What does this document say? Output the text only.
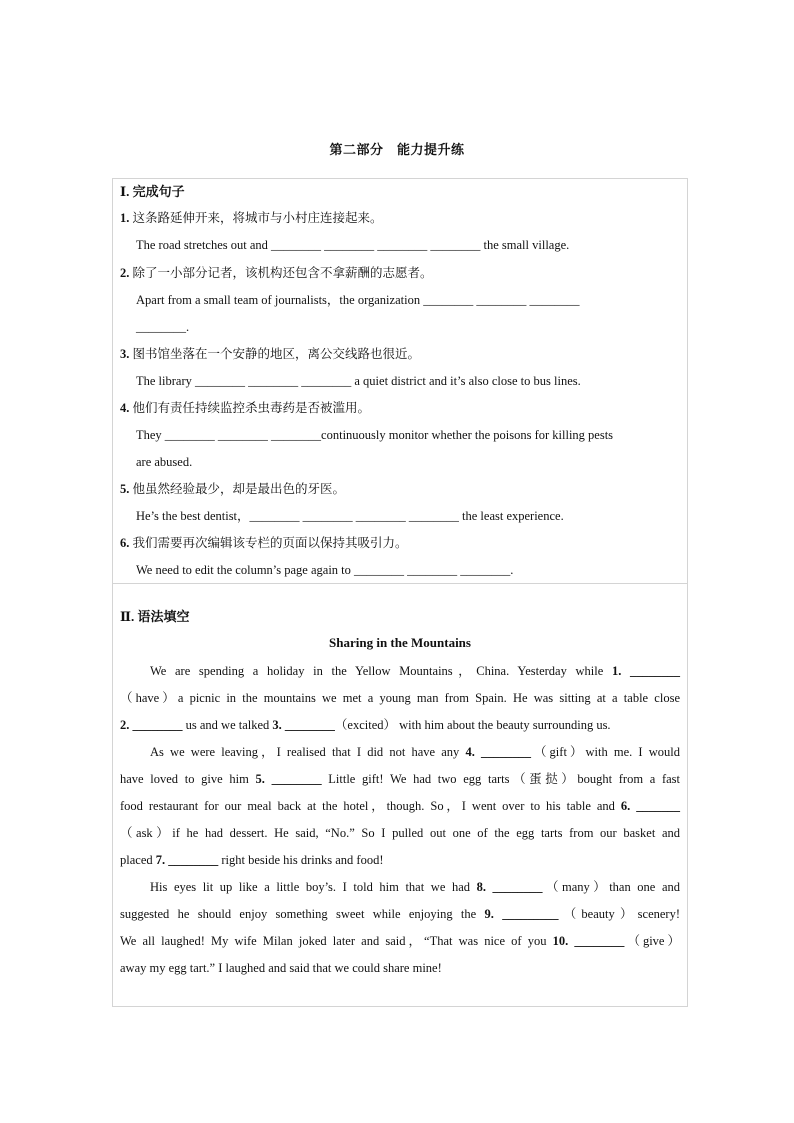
第二部分　能力提升练
Ⅰ. 完成句子
1. 这条路延伸开来，将城市与小村庄连接起来。
The road stretches out and ________ ________ ________ ________ the small village.
2. 除了一小部分记者，该机构还包含不拿薪酬的志愿者。
Apart from a small team of journalists，the organization ________ ________ ________
________.
3. 图书馆坐落在一个安静的地区，离公交线路也很近。
The library ________ ________ ________ a quiet district and it’s also close to bus lines.
4. 他们有责任持续监控杀虫毒药是否被滥用。
They ________ ________ ________continuously monitor whether the poisons for killing pests
are abused.
5. 他虽然经验最少，却是最出色的牙医。
He’s the best dentist，________ ________ ________ ________ the least experience.
6. 我们需要再次编辑该专栏的页面以保持其吸引力。
We need to edit the column’s page again to ________ ________ ________.
Ⅱ. 语法填空
Sharing in the Mountains
We are spending a holiday in the Yellow Mountains，China. Yesterday while 1. ________
（have）a picnic in the mountains we met a young man from Spain. He was sitting at a table close
2. ________ us and we talked 3. ________（excited） with him about the beauty surrounding us.
As we were leaving，I realised that I did not have any 4. ________（gift）with me. I would
have loved to give him 5. ________ Little gift! We had two egg tarts（蛋挞）bought from a fast
food restaurant for our meal back at the hotel，though. So，I went over to his table and 6. _______
（ask）if he had dessert. He said, “No.” So I pulled out one of the egg tarts from our basket and
placed 7. ________ right beside his drinks and food!
His eyes lit up like a little boy’s. I told him that we had 8. ________（many）than one and
suggested he should enjoy something sweet while enjoying the 9. _________（beauty）scenery!
We all laughed! My wife Milan joked later and said，“That was nice of you 10. ________（give）
away my egg tart.” I laughed and said that we could share mine!
